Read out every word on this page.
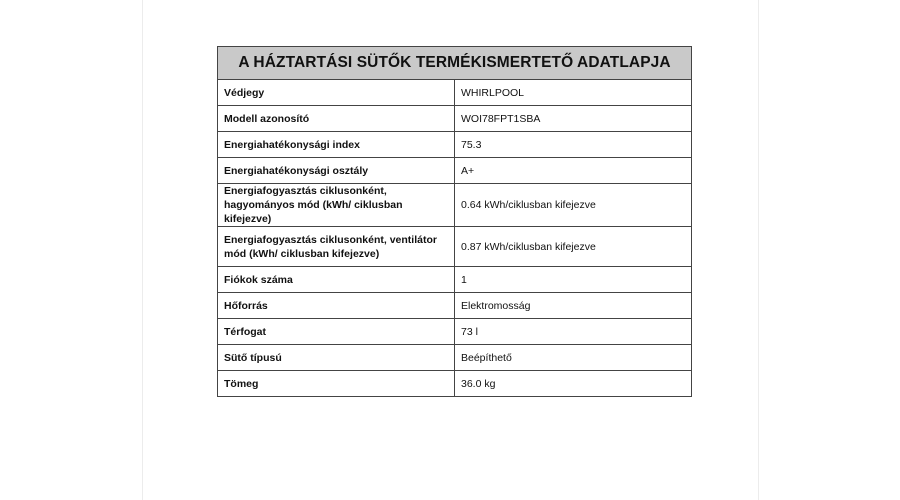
A HÁZTARTÁSI SÜTŐK TERMÉKISMERTETŐ ADATLAPJA	
Védjegy	WHIRLPOOL
Modell azonosító	WOI78FPT1SBA
Energiahatékonysági index	75.3
Energiahatékonysági osztály	A+
Energiafogyasztás ciklusonként, hagyományos mód (kWh/ ciklusban kifejezve)	0.64 kWh/ciklusban kifejezve
Energiafogyasztás ciklusonként, ventilátor mód (kWh/ ciklusban kifejezve)	0.87 kWh/ciklusban kifejezve
Fiókok száma	1
Hőforrás	Elektromosság
Térfogat	73 l
Sütő típusú	Beépíthető
Tömeg	36.0 kg
